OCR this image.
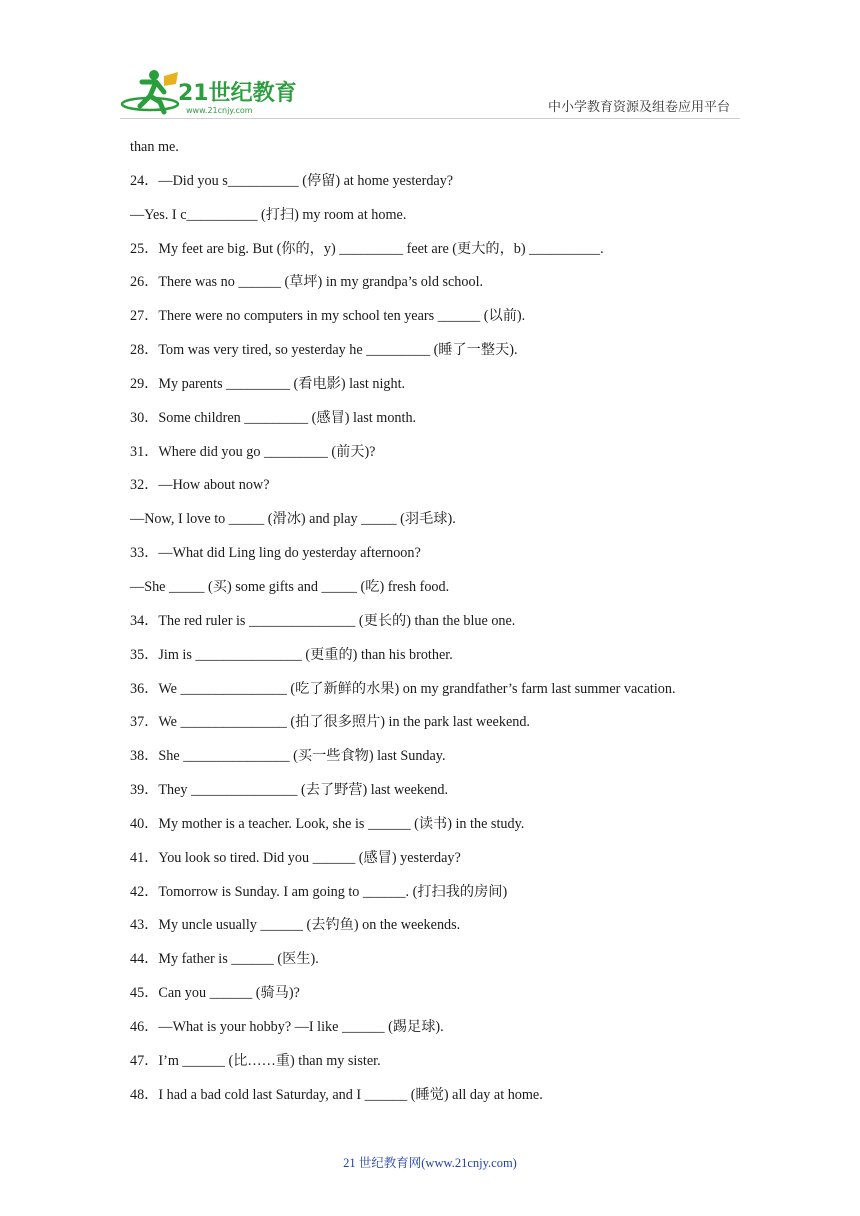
21世纪教育
www.21cnjy.com	中小学教育资源及组卷应用平台
than me.
24．—Did you s__________ (停留) at home yesterday?
—Yes. I c__________ (打扫) my room at home.
25．My feet are big. But (你的，y) _________ feet are (更大的，b) __________.
26．There was no ______ (草坪) in my grandpa’s old school.
27．There were no computers in my school ten years ______ (以前).
28．Tom was very tired, so yesterday he _________ (睡了一整天).
29．My parents _________ (看电影) last night.
30．Some children _________ (感冒) last month.
31．Where did you go _________ (前天)?
32．—How about now?
—Now, I love to _____ (滑冰) and play _____ (羽毛球).
33．—What did Ling ling do yesterday afternoon?
—She _____ (买) some gifts and _____ (吃) fresh food.
34．The red ruler is _______________ (更长的) than the blue one.
35．Jim is _______________ (更重的) than his brother.
36．We _______________ (吃了新鲜的水果) on my grandfather’s farm last summer vacation.
37．We _______________ (拍了很多照片) in the park last weekend.
38．She _______________ (买一些食物) last Sunday.
39．They _______________ (去了野营) last weekend.
40．My mother is a teacher. Look, she is ______ (读书) in the study.
41．You look so tired. Did you ______ (感冒) yesterday?
42．Tomorrow is Sunday. I am going to ______. (打扫我的房间)
43．My uncle usually ______ (去钓鱼) on the weekends.
44．My father is ______ (医生).
45．Can you ______ (骑马)?
46．—What is your hobby? —I like ______ (踢足球).
47．I’m ______ (比……重) than my sister.
48．I had a bad cold last Saturday, and I ______ (睡觉) all day at home.
21 世纪教育网(www.21cnjy.com)
